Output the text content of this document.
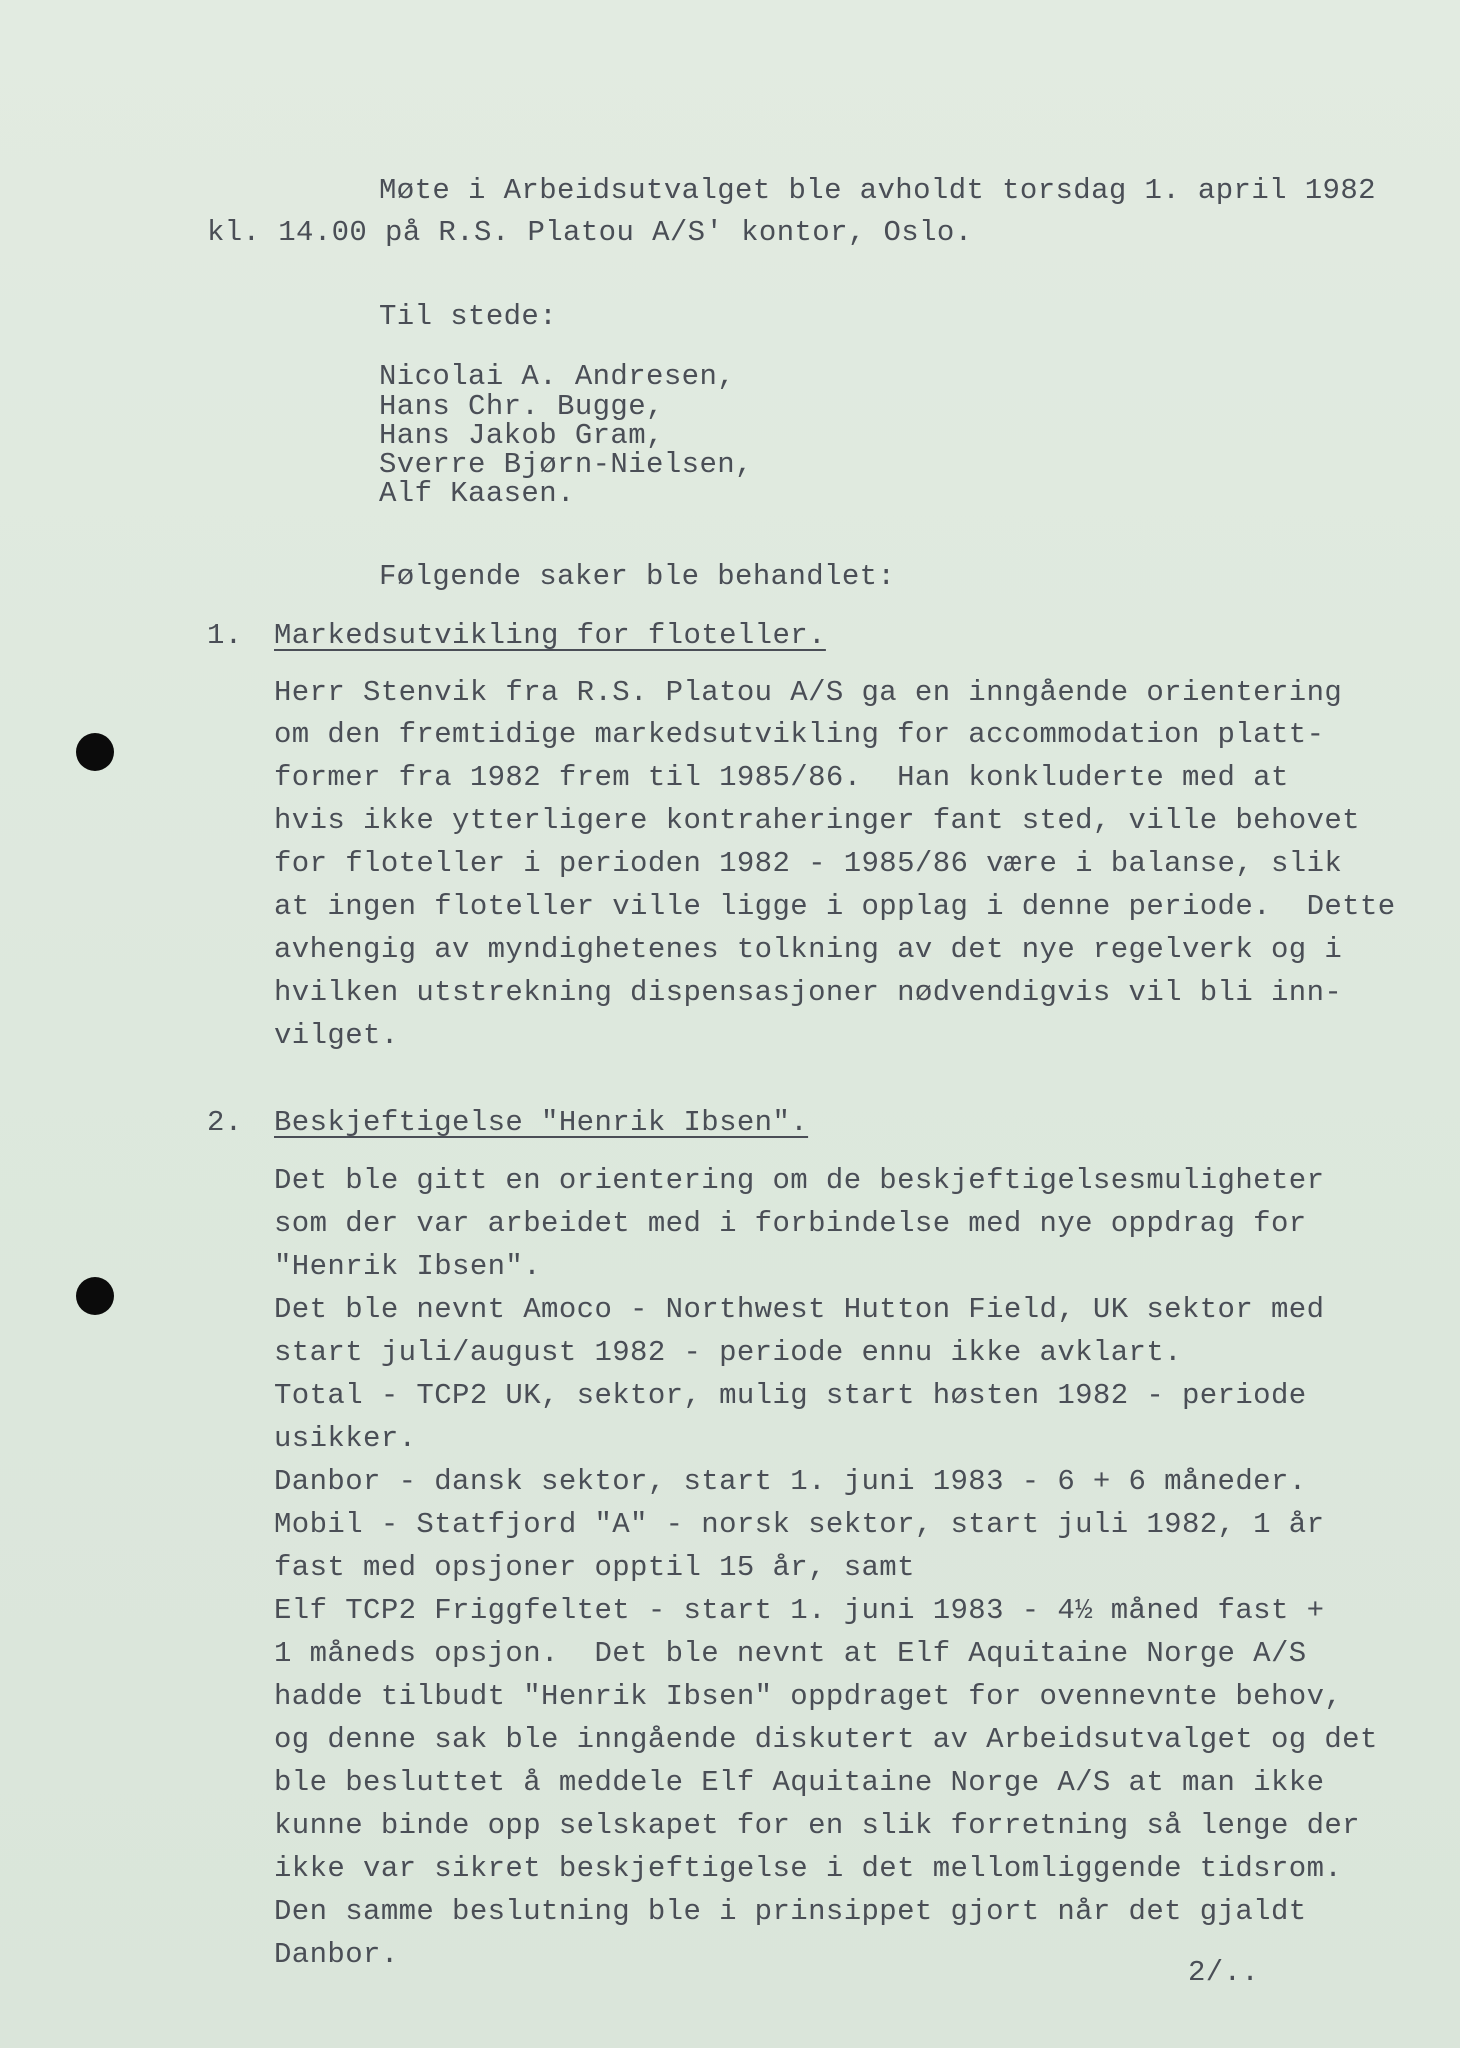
Møte i Arbeidsutvalget ble avholdt torsdag 1. april 1982
kl. 14.00 på R.S. Platou A/S' kontor, Oslo.
Til stede:
Nicolai A. Andresen,
Hans Chr. Bugge,
Hans Jakob Gram,
Sverre Bjørn-Nielsen,
Alf Kaasen.
Følgende saker ble behandlet:
1. Markedsutvikling for floteller.
Herr Stenvik fra R.S. Platou A/S ga en inngående orientering
om den fremtidige markedsutvikling for accommodation platt-
former fra 1982 frem til 1985/86.  Han konkluderte med at
hvis ikke ytterligere kontraheringer fant sted, ville behovet
for floteller i perioden 1982 - 1985/86 være i balanse, slik
at ingen floteller ville ligge i opplag i denne periode.  Dette
avhengig av myndighetenes tolkning av det nye regelverk og i
hvilken utstrekning dispensasjoner nødvendigvis vil bli inn-
vilget.
2. Beskjeftigelse "Henrik Ibsen".
Det ble gitt en orientering om de beskjeftigelsesmuligheter
som der var arbeidet med i forbindelse med nye oppdrag for
"Henrik Ibsen".
Det ble nevnt Amoco - Northwest Hutton Field, UK sektor med
start juli/august 1982 - periode ennu ikke avklart.
Total - TCP2 UK, sektor, mulig start høsten 1982 - periode
usikker.
Danbor - dansk sektor, start 1. juni 1983 - 6 + 6 måneder.
Mobil - Statfjord "A" - norsk sektor, start juli 1982, 1 år
fast med opsjoner opptil 15 år, samt
Elf TCP2 Friggfeltet - start 1. juni 1983 - 4½ måned fast +
1 måneds opsjon.  Det ble nevnt at Elf Aquitaine Norge A/S
hadde tilbudt "Henrik Ibsen" oppdraget for ovennevnte behov,
og denne sak ble inngående diskutert av Arbeidsutvalget og det
ble besluttet å meddele Elf Aquitaine Norge A/S at man ikke
kunne binde opp selskapet for en slik forretning så lenge der
ikke var sikret beskjeftigelse i det mellomliggende tidsrom.
Den samme beslutning ble i prinsippet gjort når det gjaldt
Danbor.
2/..
